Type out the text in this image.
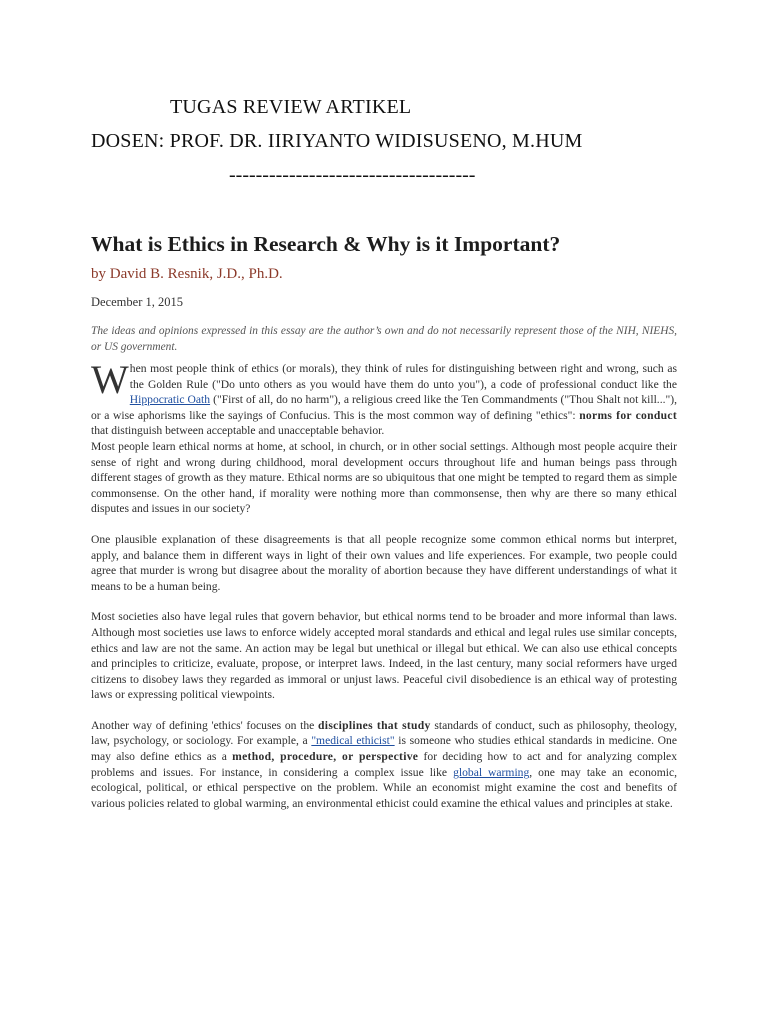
TUGAS REVIEW ARTIKEL
DOSEN: PROF. DR. IIRIYANTO WIDISUSENO, M.HUM
-------------------------------------
What is Ethics in Research & Why is it Important?
by David B. Resnik, J.D., Ph.D.
December 1, 2015
The ideas and opinions expressed in this essay are the author’s own and do not necessarily represent those of the NIH, NIEHS, or US government.
W hen most people think of ethics (or morals), they think of rules for distinguishing between right and wrong, such as the Golden Rule ("Do unto others as you would have them do unto you"), a code of professional conduct like the Hippocratic Oath ("First of all, do no harm"), a religious creed like the Ten Commandments ("Thou Shalt not kill..."), or a wise aphorisms like the sayings of Confucius. This is the most common way of defining "ethics": norms for conduct that distinguish between acceptable and unacceptable behavior.
Most people learn ethical norms at home, at school, in church, or in other social settings. Although most people acquire their sense of right and wrong during childhood, moral development occurs throughout life and human beings pass through different stages of growth as they mature. Ethical norms are so ubiquitous that one might be tempted to regard them as simple commonsense. On the other hand, if morality were nothing more than commonsense, then why are there so many ethical disputes and issues in our society?
One plausible explanation of these disagreements is that all people recognize some common ethical norms but interpret, apply, and balance them in different ways in light of their own values and life experiences. For example, two people could agree that murder is wrong but disagree about the morality of abortion because they have different understandings of what it means to be a human being.
Most societies also have legal rules that govern behavior, but ethical norms tend to be broader and more informal than laws. Although most societies use laws to enforce widely accepted moral standards and ethical and legal rules use similar concepts, ethics and law are not the same. An action may be legal but unethical or illegal but ethical. We can also use ethical concepts and principles to criticize, evaluate, propose, or interpret laws. Indeed, in the last century, many social reformers have urged citizens to disobey laws they regarded as immoral or unjust laws. Peaceful civil disobedience is an ethical way of protesting laws or expressing political viewpoints.
Another way of defining 'ethics' focuses on the disciplines that study standards of conduct, such as philosophy, theology, law, psychology, or sociology. For example, a "medical ethicist" is someone who studies ethical standards in medicine. One may also define ethics as a method, procedure, or perspective for deciding how to act and for analyzing complex problems and issues. For instance, in considering a complex issue like global warming, one may take an economic, ecological, political, or ethical perspective on the problem. While an economist might examine the cost and benefits of various policies related to global warming, an environmental ethicist could examine the ethical values and principles at stake.
